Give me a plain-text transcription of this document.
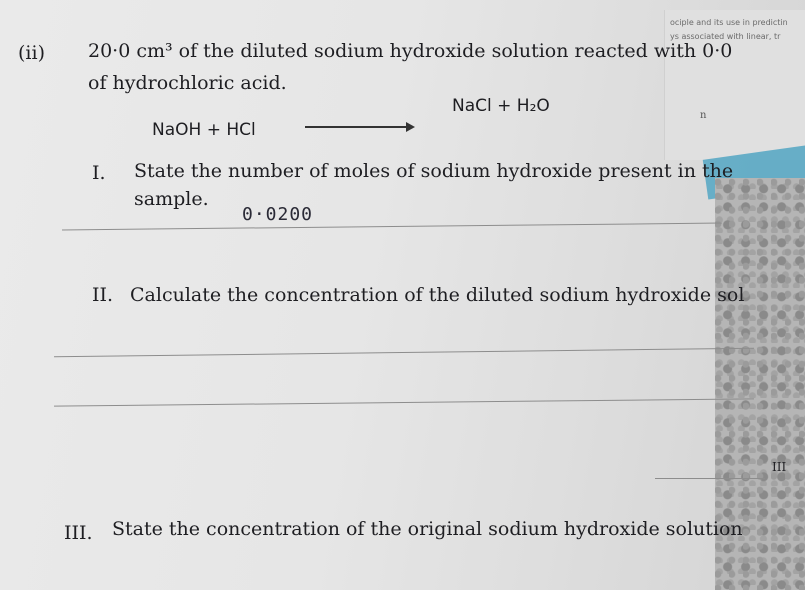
ociple and its use in predictin
ys associated with linear, tr
(ii) 20·0 cm³ of the diluted sodium hydroxide solution reacted with 0·0
of hydrochloric acid.
NaOH + HCl
NaCl + H₂O	n
I. State the number of moles of sodium hydroxide present in the
sample.
0·0200
II. Calculate the concentration of the diluted sodium hydroxide sol
III
III. State the concentration of the original sodium hydroxide solution
